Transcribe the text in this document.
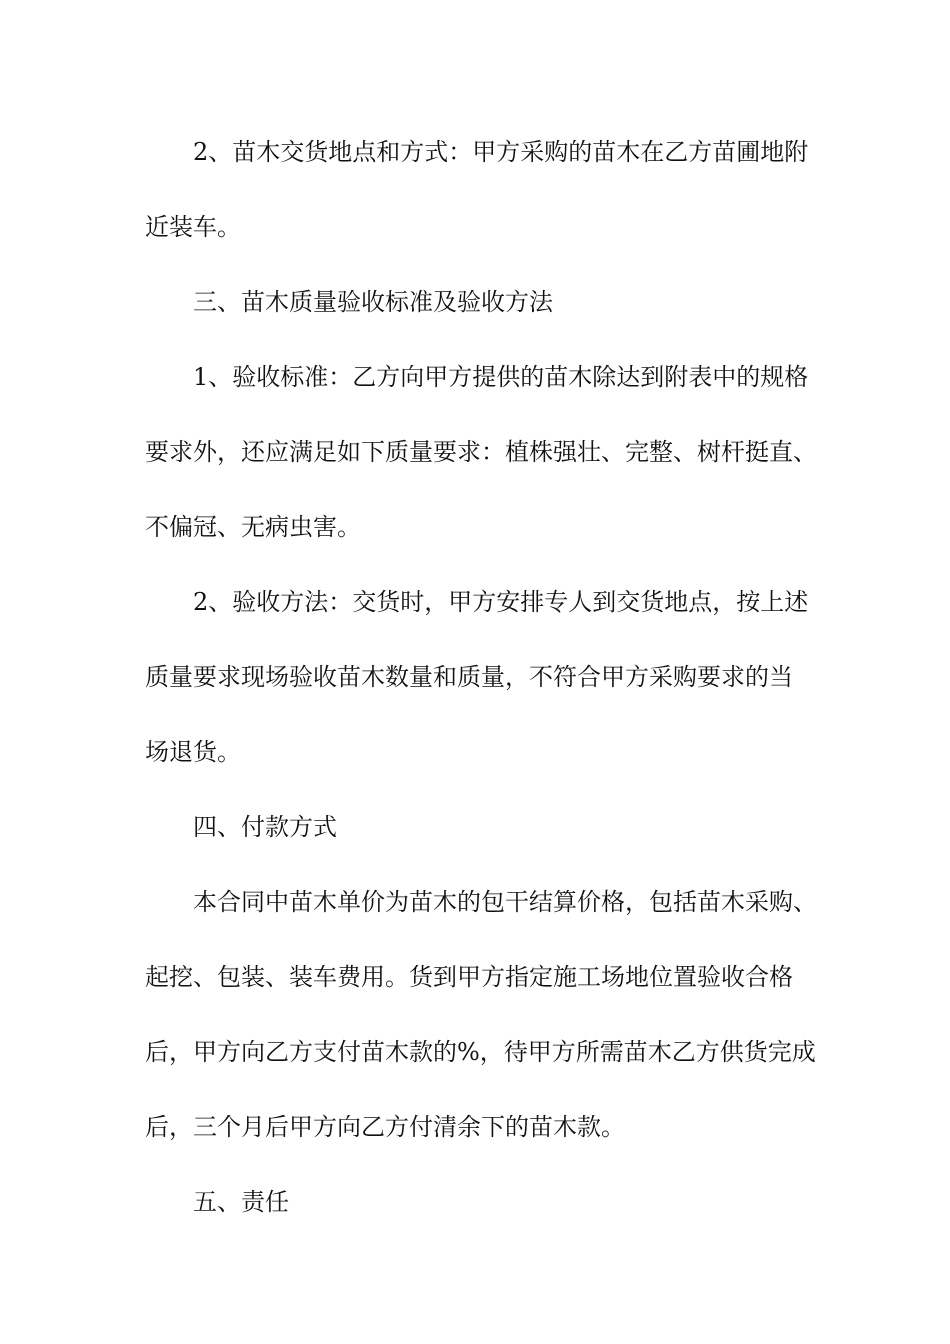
2、苗木交货地点和方式：甲方采购的苗木在乙方苗圃地附
近装车。
三、苗木质量验收标准及验收方法
1、验收标准：乙方向甲方提供的苗木除达到附表中的规格
要求外，还应满足如下质量要求：植株强壮、完整、树杆挺直、
不偏冠、无病虫害。
2、验收方法：交货时，甲方安排专人到交货地点，按上述
质量要求现场验收苗木数量和质量，不符合甲方采购要求的当
场退货。
四、付款方式
本合同中苗木单价为苗木的包干结算价格，包括苗木采购、
起挖、包装、装车费用。货到甲方指定施工场地位置验收合格
后，甲方向乙方支付苗木款的%，待甲方所需苗木乙方供货完成
后，三个月后甲方向乙方付清余下的苗木款。
五、责任
